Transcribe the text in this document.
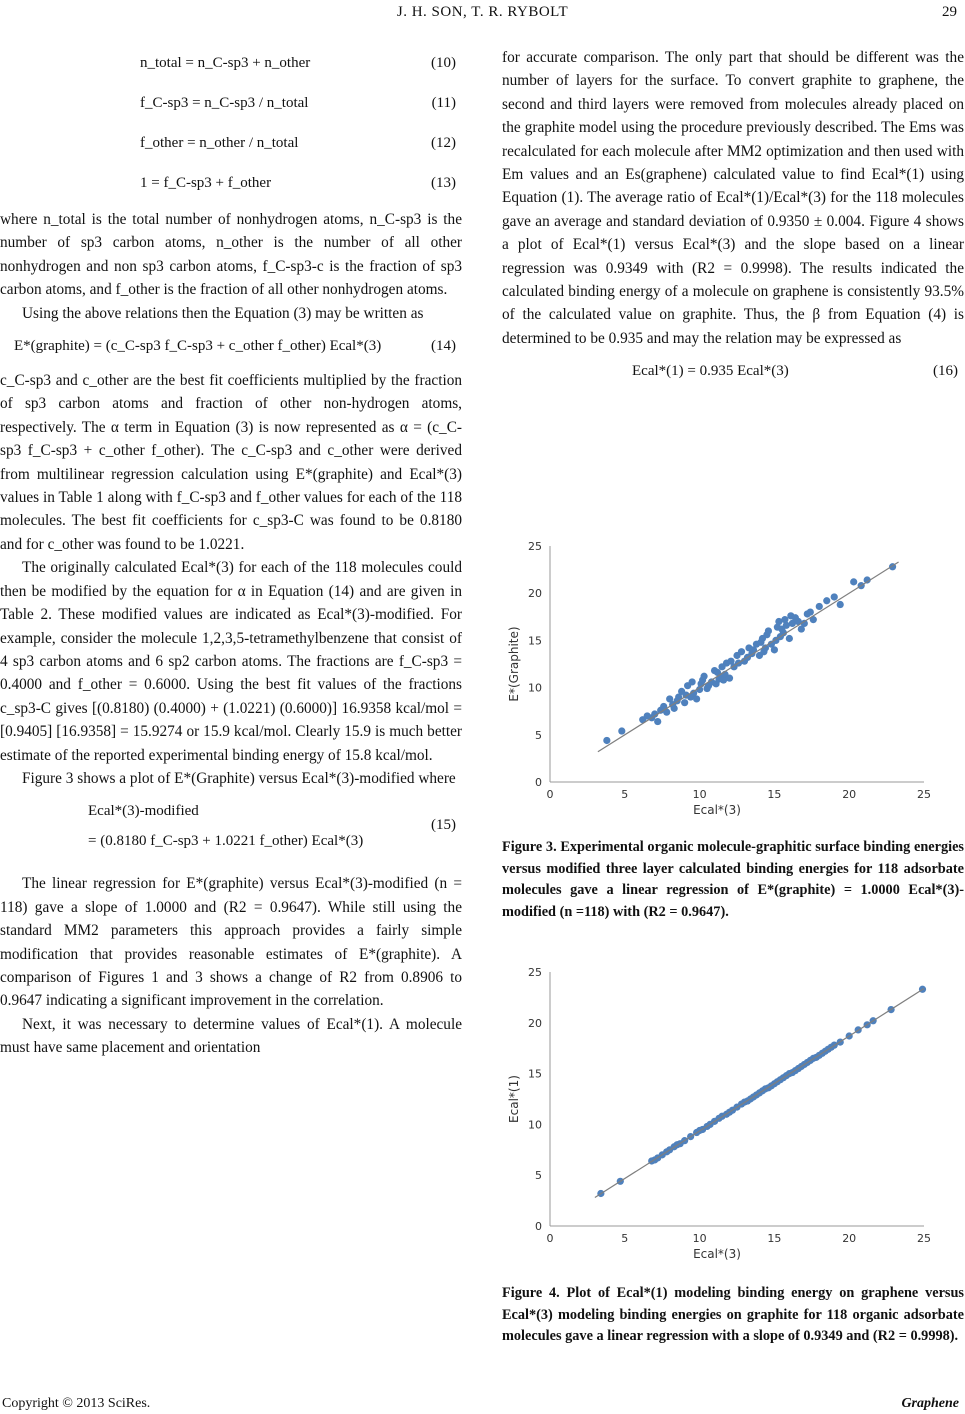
J. H. SON, T. R. RYBOLT	29
n_total = n_C-sp3 + n_other	(10)
f_C-sp3 = n_C-sp3 / n_total	(11)
f_other = n_other / n_total	(12)
1 = f_C-sp3 + f_other	(13)

where n_total is the total number of nonhydrogen atoms, n_C-sp3 is the number of sp3 carbon atoms, n_other is the number of all other nonhydrogen and non sp3 carbon atoms, f_C-sp3-c is the fraction of sp3 carbon atoms, and f_other is the fraction of all other nonhydrogen atoms.

Using the above relations then the Equation (3) may be written as

E*(graphite) = (c_C-sp3 f_C-sp3 + c_other f_other) Ecal*(3)	(14)

c_C-sp3 and c_other are the best fit coefficients multiplied by the fraction of sp3 carbon atoms and fraction of other non-hydrogen atoms, respectively. The α term in Equation (3) is now represented as α = (c_C-sp3 f_C-sp3 + c_other f_other). The c_C-sp3 and c_other were derived from multilinear regression calculation using E*(graphite) and Ecal*(3) values in Table 1 along with f_C-sp3 and f_other values for each of the 118 molecules. The best fit coefficients for c_sp3-C was found to be 0.8180 and for c_other was found to be 1.0221.

The originally calculated Ecal*(3) for each of the 118 molecules could then be modified by the equation for α in Equation (14) and are given in Table 2. These modified values are indicated as Ecal*(3)-modified. For example, consider the molecule 1,2,3,5-tetramethylbenzene that consist of 4 sp3 carbon atoms and 6 sp2 carbon atoms. The fractions are f_C-sp3 = 0.4000 and f_other = 0.6000. Using the best fit values of the fractions c_sp3-C gives [(0.8180) (0.4000) + (1.0221) (0.6000)] 16.9358 kcal/mol = [0.9405] [16.9358] = 15.9274 or 15.9 kcal/mol. Clearly 15.9 is much better estimate of the reported experimental binding energy of 15.8 kcal/mol.

Figure 3 shows a plot of E*(Graphite) versus Ecal*(3)-modified where

Ecal*(3)-modified
= (0.8180 f_C-sp3 + 1.0221 f_other) Ecal*(3)
(15)

The linear regression for E*(graphite) versus Ecal*(3)-modified (n = 118) gave a slope of 1.0000 and (R2 = 0.9647). While still using the standard MM2 parameters this approach provides a fairly simple modification that provides reasonable estimates of E*(graphite). A comparison of Figures 1 and 3 shows a change of R2 from 0.8906 to 0.9647 indicating a significant improvement in the correlation.

Next, it was necessary to determine values of Ecal*(1). A molecule must have same placement and orientation

for accurate comparison. The only part that should be different was the number of layers for the surface. To convert graphite to graphene, the second and third layers were removed from molecules already placed on the graphite model using the procedure previously described. The Ems was recalculated for each molecule after MM2 optimization and then used with Em values and an Es(graphene) calculated value to find Ecal*(1) using Equation (1). The average ratio of Ecal*(1)/Ecal*(3) for the 118 molecules gave an average and standard deviation of 0.9350 ± 0.004. Figure 4 shows a plot of Ecal*(1) versus Ecal*(3) and the slope based on a linear regression was 0.9349 with (R2 = 0.9998). The results indicated the calculated binding energy of a molecule on graphene is consistently 93.5% of the calculated value on graphite. Thus, the β from Equation (4) is determined to be 0.935 and may the relation may be expressed as

Ecal*(1) = 0.935 Ecal*(3)	(16)
0	5	10	15	20	25
0
5
10
15
20
25
Ecal*(3)
E*(Graphite)
Figure 3. Experimental organic molecule-graphitic surface binding energies versus modified three layer calculated binding energies for 118 adsorbate molecules gave a linear regression of E*(graphite) = 1.0000 Ecal*(3)-modified (n =118) with (R2 = 0.9647).
0	5	10	15	20	25
0
5
10
15
20
25
Ecal*(3)
Ecal*(1)
Figure 4. Plot of Ecal*(1) modeling binding energy on graphene versus Ecal*(3) modeling binding energies on graphite for 118 organic adsorbate molecules gave a linear regression with a slope of 0.9349 and (R2 = 0.9998).
Copyright © 2013 SciRes.	Graphene
